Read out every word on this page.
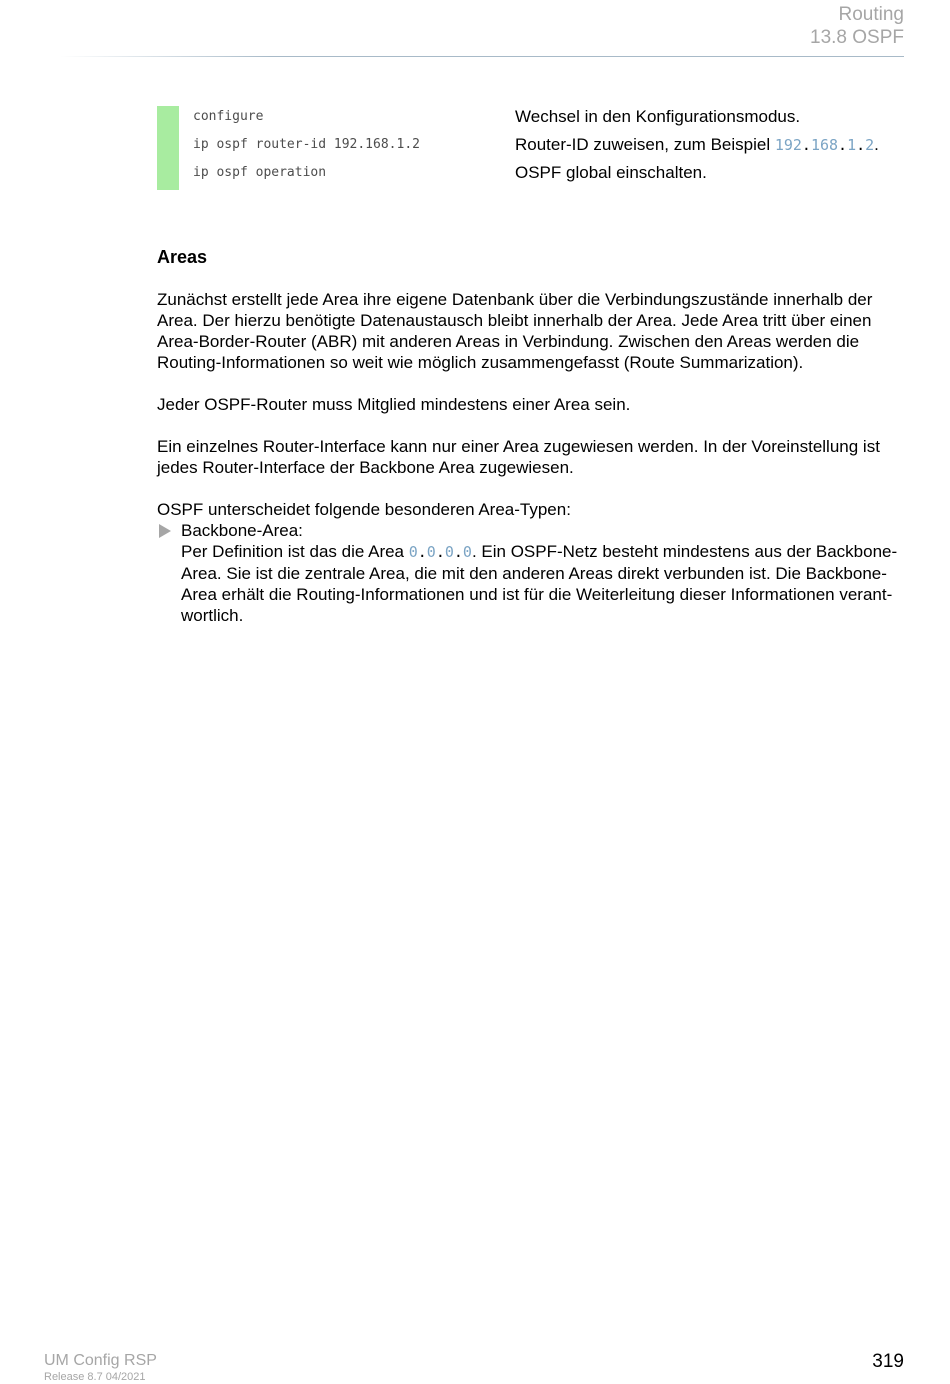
Routing
13.8 OSPF
configure	Wechsel in den Konfigurationsmodus.
ip ospf router-id 192.168.1.2	Router-ID zuweisen, zum Beispiel 192.168.1.2.
ip ospf operation	OSPF global einschalten.
Areas

Zunächst erstellt jede Area ihre eigene Datenbank über die Verbindungszustände innerhalb der Area. Der hierzu benötigte Datenaustausch bleibt innerhalb der Area. Jede Area tritt über einen Area-Border-Router (ABR) mit anderen Areas in Verbindung. Zwischen den Areas werden die Routing-Informationen so weit wie möglich zusammengefasst (Route Summarization).

Jeder OSPF-Router muss Mitglied mindestens einer Area sein.

Ein einzelnes Router-Interface kann nur einer Area zugewiesen werden. In der Voreinstellung ist jedes Router-Interface der Backbone Area zugewiesen.

OSPF unterscheidet folgende besonderen Area-Typen:

Backbone-Area:
Per Definition ist das die Area 0.0.0.0. Ein OSPF-Netz besteht mindestens aus der Backbone-Area. Sie ist die zentrale Area, die mit den anderen Areas direkt verbunden ist. Die Backbone-Area erhält die Routing-Informationen und ist für die Weiterleitung dieser Informationen verant-wortlich.
UM Config RSP
Release 8.7 04/2021
319
